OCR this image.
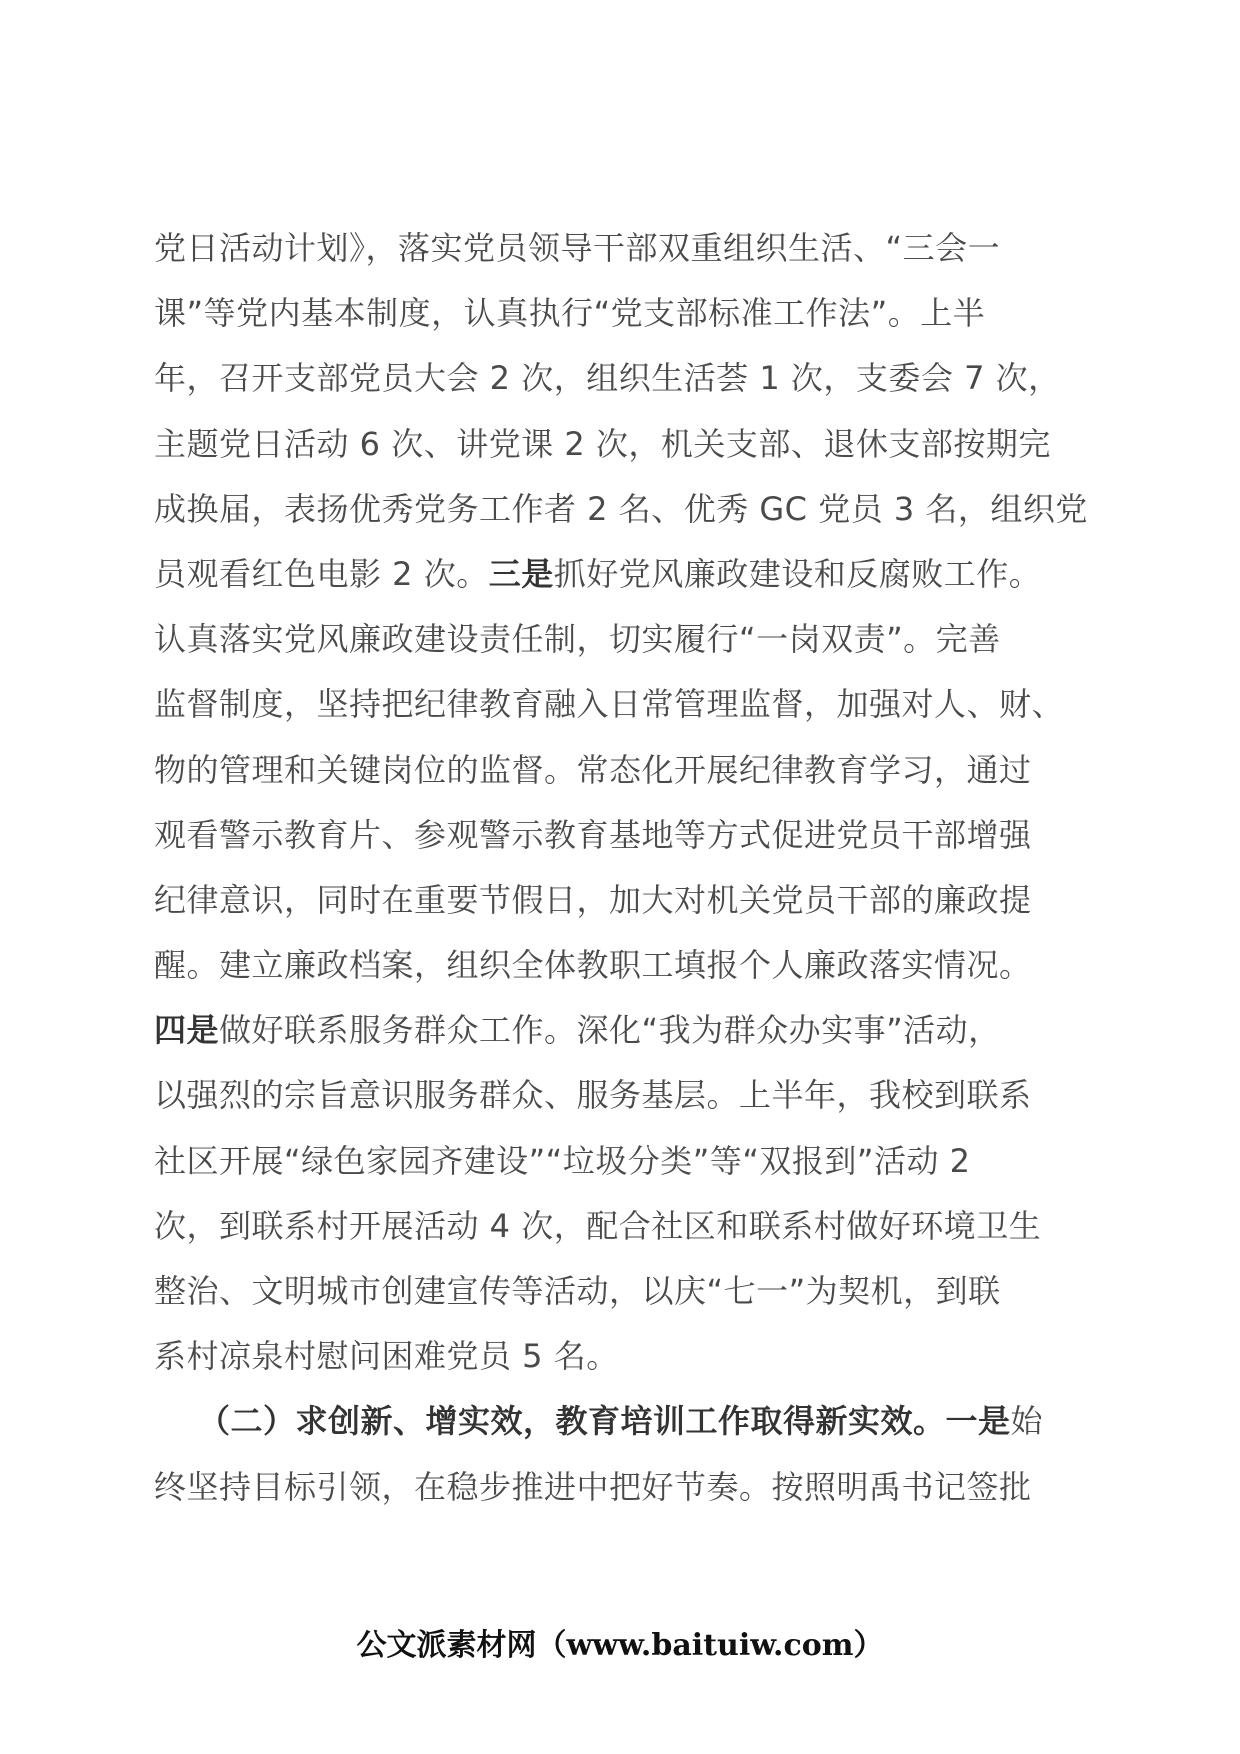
党日活动计划》，落实党员领导干部双重组织生活、“三会一
课”等党内基本制度，认真执行“党支部标准工作法”。上半
年，召开支部党员大会 2 次，组织生活荟 1 次，支委会 7 次，
主题党日活动 6 次、讲党课 2 次，机关支部、退休支部按期完
成换届，表扬优秀党务工作者 2 名、优秀 GC 党员 3 名，组织党
员观看红色电影 2 次。三是抓好党风廉政建设和反腐败工作。
认真落实党风廉政建设责任制，切实履行“一岗双责”。完善
监督制度，坚持把纪律教育融入日常管理监督，加强对人、财、
物的管理和关键岗位的监督。常态化开展纪律教育学习，通过
观看警示教育片、参观警示教育基地等方式促进党员干部增强
纪律意识，同时在重要节假日，加大对机关党员干部的廉政提
醒。建立廉政档案，组织全体教职工填报个人廉政落实情况。
四是做好联系服务群众工作。深化“我为群众办实事”活动，
以强烈的宗旨意识服务群众、服务基层。上半年，我校到联系
社区开展“绿色家园齐建设”“垃圾分类”等“双报到”活动 2
次，到联系村开展活动 4 次，配合社区和联系村做好环境卫生
整治、文明城市创建宣传等活动，以庆“七一”为契机，到联
系村凉泉村慰问困难党员 5 名。
（二）求创新、增实效，教育培训工作取得新实效。一是始
终坚持目标引领，在稳步推进中把好节奏。按照明禹书记签批
公文派素材网（www.baituiw.com）
